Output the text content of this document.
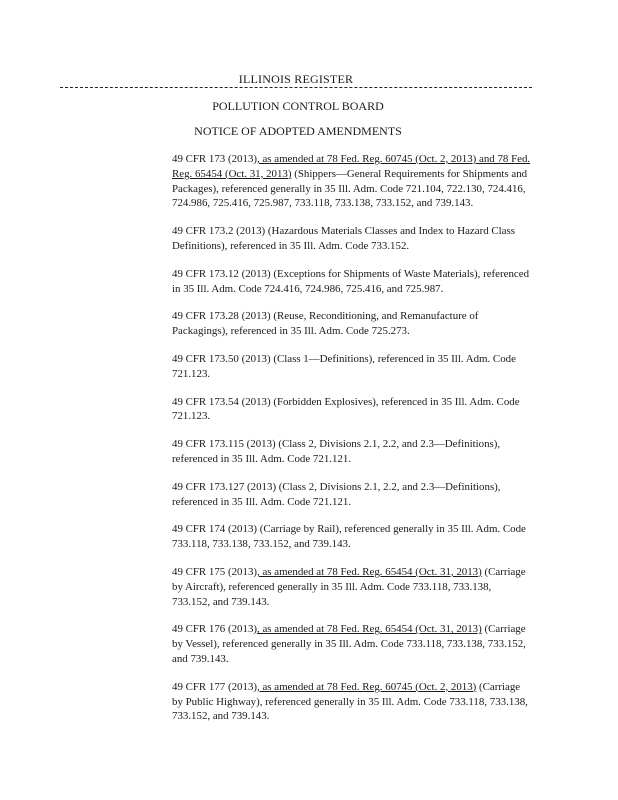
ILLINOIS REGISTER
POLLUTION CONTROL BOARD
NOTICE OF ADOPTED AMENDMENTS

49 CFR 173 (2013), as amended at 78 Fed. Reg. 60745 (Oct. 2, 2013) and 78 Fed. Reg. 65454 (Oct. 31, 2013) (Shippers—General Requirements for Shipments and Packages), referenced generally in 35 Ill. Adm. Code 721.104, 722.130, 724.416, 724.986, 725.416, 725.987, 733.118, 733.138, 733.152, and 739.143.

49 CFR 173.2 (2013) (Hazardous Materials Classes and Index to Hazard Class Definitions), referenced in 35 Ill. Adm. Code 733.152.

49 CFR 173.12 (2013) (Exceptions for Shipments of Waste Materials), referenced in 35 Ill. Adm. Code 724.416, 724.986, 725.416, and 725.987.

49 CFR 173.28 (2013) (Reuse, Reconditioning, and Remanufacture of Packagings), referenced in 35 Ill. Adm. Code 725.273.

49 CFR 173.50 (2013) (Class 1—Definitions), referenced in 35 Ill. Adm. Code 721.123.

49 CFR 173.54 (2013) (Forbidden Explosives), referenced in 35 Ill. Adm. Code 721.123.

49 CFR 173.115 (2013) (Class 2, Divisions 2.1, 2.2, and 2.3—Definitions), referenced in 35 Ill. Adm. Code 721.121.

49 CFR 173.127 (2013) (Class 2, Divisions 2.1, 2.2, and 2.3—Definitions), referenced in 35 Ill. Adm. Code 721.121.

49 CFR 174 (2013) (Carriage by Rail), referenced generally in 35 Ill. Adm. Code 733.118, 733.138, 733.152, and 739.143.

49 CFR 175 (2013), as amended at 78 Fed. Reg. 65454 (Oct. 31, 2013) (Carriage by Aircraft), referenced generally in 35 Ill. Adm. Code 733.118, 733.138, 733.152, and 739.143.

49 CFR 176 (2013), as amended at 78 Fed. Reg. 65454 (Oct. 31, 2013) (Carriage by Vessel), referenced generally in 35 Ill. Adm. Code 733.118, 733.138, 733.152, and 739.143.

49 CFR 177 (2013), as amended at 78 Fed. Reg. 60745 (Oct. 2, 2013) (Carriage by Public Highway), referenced generally in 35 Ill. Adm. Code 733.118, 733.138, 733.152, and 739.143.
